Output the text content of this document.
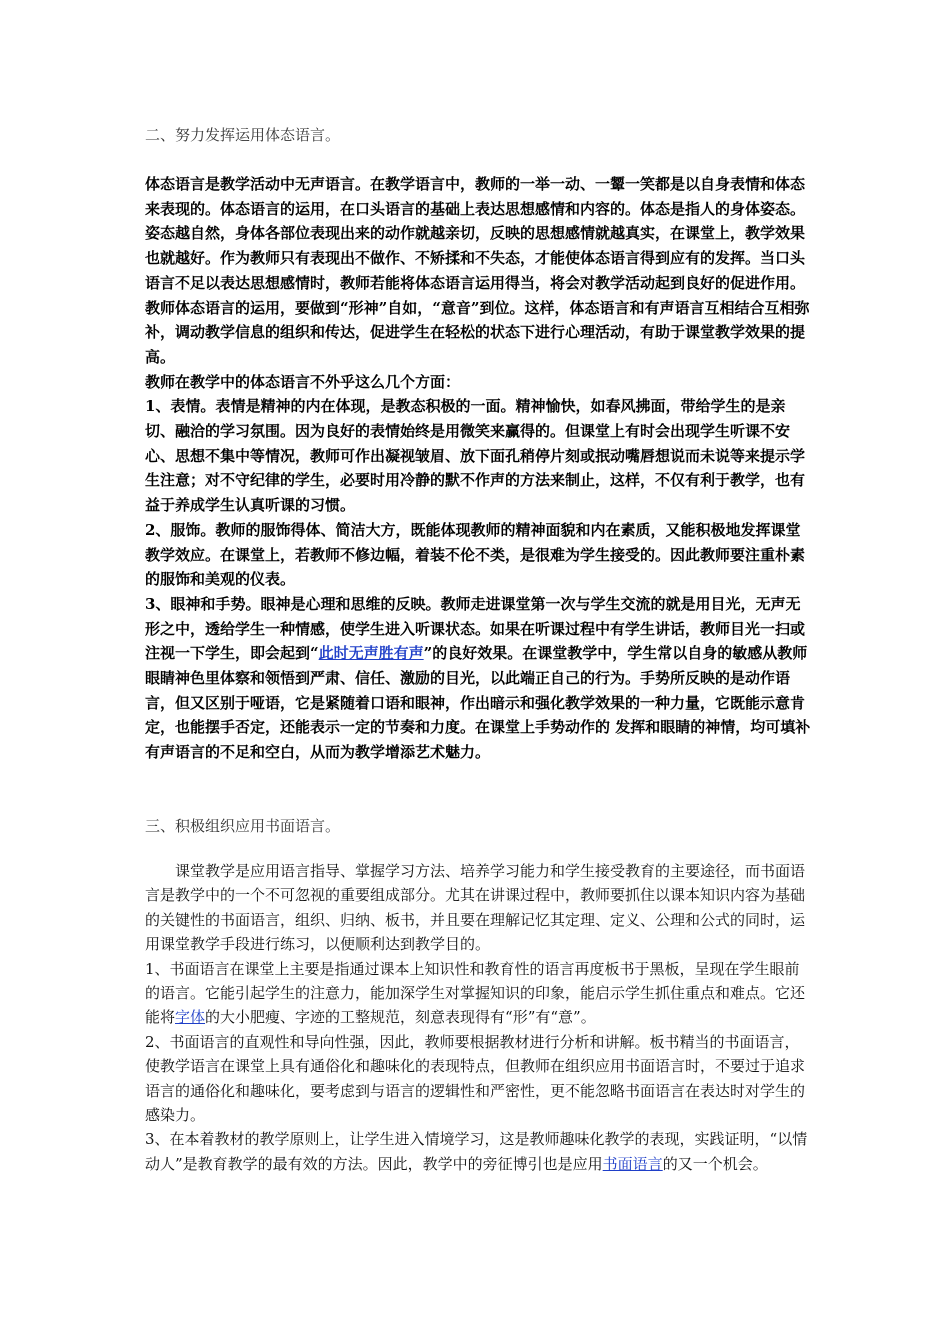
二、努力发挥运用体态语言。

体态语言是教学活动中无声语言。在教学语言中，教师的一举一动、一颦一笑都是以自身表情和体态来表现的。体态语言的运用，在口头语言的基础上表达思想感情和内容的。体态是指人的身体姿态。姿态越自然，身体各部位表现出来的动作就越亲切，反映的思想感情就越真实，在课堂上，教学效果也就越好。作为教师只有表现出不做作、不矫揉和不失态，才能使体态语言得到应有的发挥。当口头语言不足以表达思想感情时，教师若能将体态语言运用得当，将会对教学活动起到良好的促进作用。教师体态语言的运用，要做到“形神”自如，“意音”到位。这样，体态语言和有声语言互相结合互相弥补，调动教学信息的组织和传达，促进学生在轻松的状态下进行心理活动，有助于课堂教学效果的提高。

教师在教学中的体态语言不外乎这么几个方面：

1、表情。表情是精神的内在体现，是教态积极的一面。精神愉快，如春风拂面，带给学生的是亲切、融洽的学习氛围。因为良好的表情始终是用微笑来赢得的。但课堂上有时会出现学生听课不安心、思想不集中等情况，教师可作出凝视皱眉、放下面孔稍停片刻或抿动嘴唇想说而未说等来提示学生注意；对不守纪律的学生，必要时用冷静的默不作声的方法来制止，这样，不仅有利于教学，也有益于养成学生认真听课的习惯。

2、服饰。教师的服饰得体、简洁大方，既能体现教师的精神面貌和内在素质，又能积极地发挥课堂教学效应。在课堂上，若教师不修边幅，着装不伦不类，是很难为学生接受的。因此教师要注重朴素的服饰和美观的仪表。

3、眼神和手势。眼神是心理和思维的反映。教师走进课堂第一次与学生交流的就是用目光，无声无形之中，透给学生一种情感，使学生进入听课状态。如果在听课过程中有学生讲话，教师目光一扫或注视一下学生，即会起到“此时无声胜有声”的良好效果。在课堂教学中，学生常以自身的敏感从教师眼睛神色里体察和领悟到严肃、信任、激励的目光，以此端正自己的行为。手势所反映的是动作语言，但又区别于哑语，它是紧随着口语和眼神，作出暗示和强化教学效果的一种力量，它既能示意肯定，也能摆手否定，还能表示一定的节奏和力度。在课堂上手势动作的 发挥和眼睛的神情，均可填补有声语言的不足和空白，从而为教学增添艺术魅力。

三、积极组织应用书面语言。

课堂教学是应用语言指导、掌握学习方法、培养学习能力和学生接受教育的主要途径，而书面语言是教学中的一个不可忽视的重要组成部分。尤其在讲课过程中，教师要抓住以课本知识内容为基础的关键性的书面语言，组织、归纳、板书，并且要在理解记忆其定理、定义、公理和公式的同时，运用课堂教学手段进行练习，以便顺利达到教学目的。

1、书面语言在课堂上主要是指通过课本上知识性和教育性的语言再度板书于黑板，呈现在学生眼前的语言。它能引起学生的注意力，能加深学生对掌握知识的印象，能启示学生抓住重点和难点。它还能将字体的大小肥瘦、字迹的工整规范，刻意表现得有“形”有“意”。

2、书面语言的直观性和导向性强，因此，教师要根据教材进行分析和讲解。板书精当的书面语言，使教学语言在课堂上具有通俗化和趣味化的表现特点，但教师在组织应用书面语言时，不要过于追求语言的通俗化和趣味化，要考虑到与语言的逻辑性和严密性，更不能忽略书面语言在表达时对学生的感染力。

3、在本着教材的教学原则上，让学生进入情境学习，这是教师趣味化教学的表现，实践证明，“以情动人”是教育教学的最有效的方法。因此，教学中的旁征博引也是应用书面语言的又一个机会。
